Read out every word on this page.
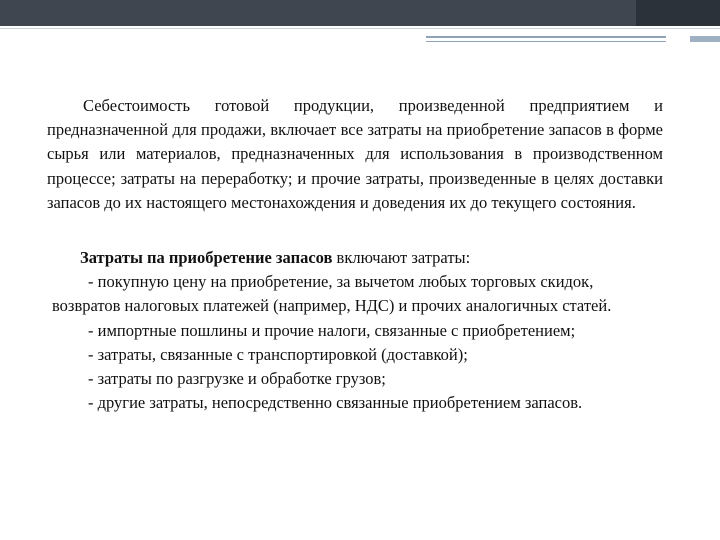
Себестоимость готовой продукции, произведенной предприятием и предназначенной для продажи, включает все затраты на приобретение запасов в форме сырья или материалов, предназначенных для использования в производственном процессе; затраты на переработку; и прочие затраты, произведенные в целях доставки запасов до их настоящего местонахождения и доведения их до текущего состояния.

Затраты па приобретение запасов включают затраты:

- покупную цену на приобретение, за вычетом любых торговых скидок, возвратов налоговых платежей (например, НДС) и прочих аналогичных статей.

- импортные пошлины и прочие налоги, связанные с приобретением;

- затраты, связанные с транспортировкой (доставкой);

- затраты по разгрузке и обработке грузов;

- другие затраты, непосредственно связанные приобретением запасов.
